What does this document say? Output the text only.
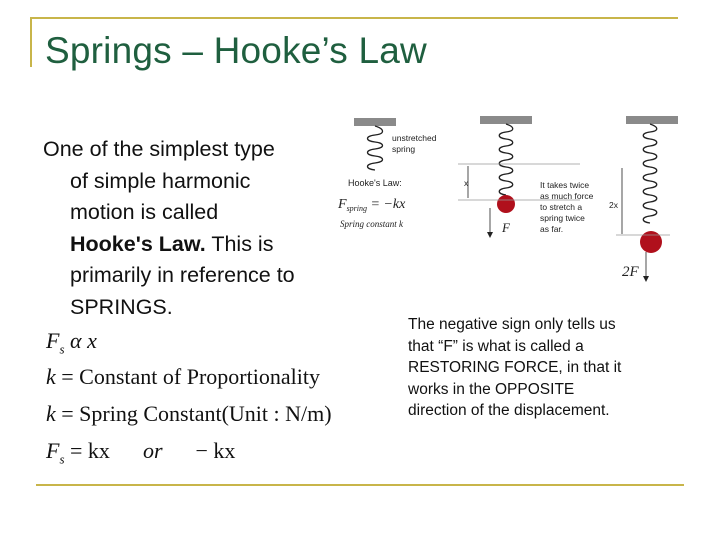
Springs – Hooke’s Law
One of the simplest type
of simple harmonic
motion is called
Hooke's Law. This is
primarily in reference to
SPRINGS.
$F_s$ α x
k = Constant of Proportionality
k = Spring Constant(Unit : N/m)
$F_s$ = kx or − kx
The negative sign only tells us that “F” is what is called a RESTORING FORCE, in that it works in the OPPOSITE direction of the displacement.
unstretched
spring
Hooke's Law:
$F_{spring} = -kx$
Spring constant k
x
F
It takes twice
as much force
to stretch a
spring twice
as far.
2x
2F
